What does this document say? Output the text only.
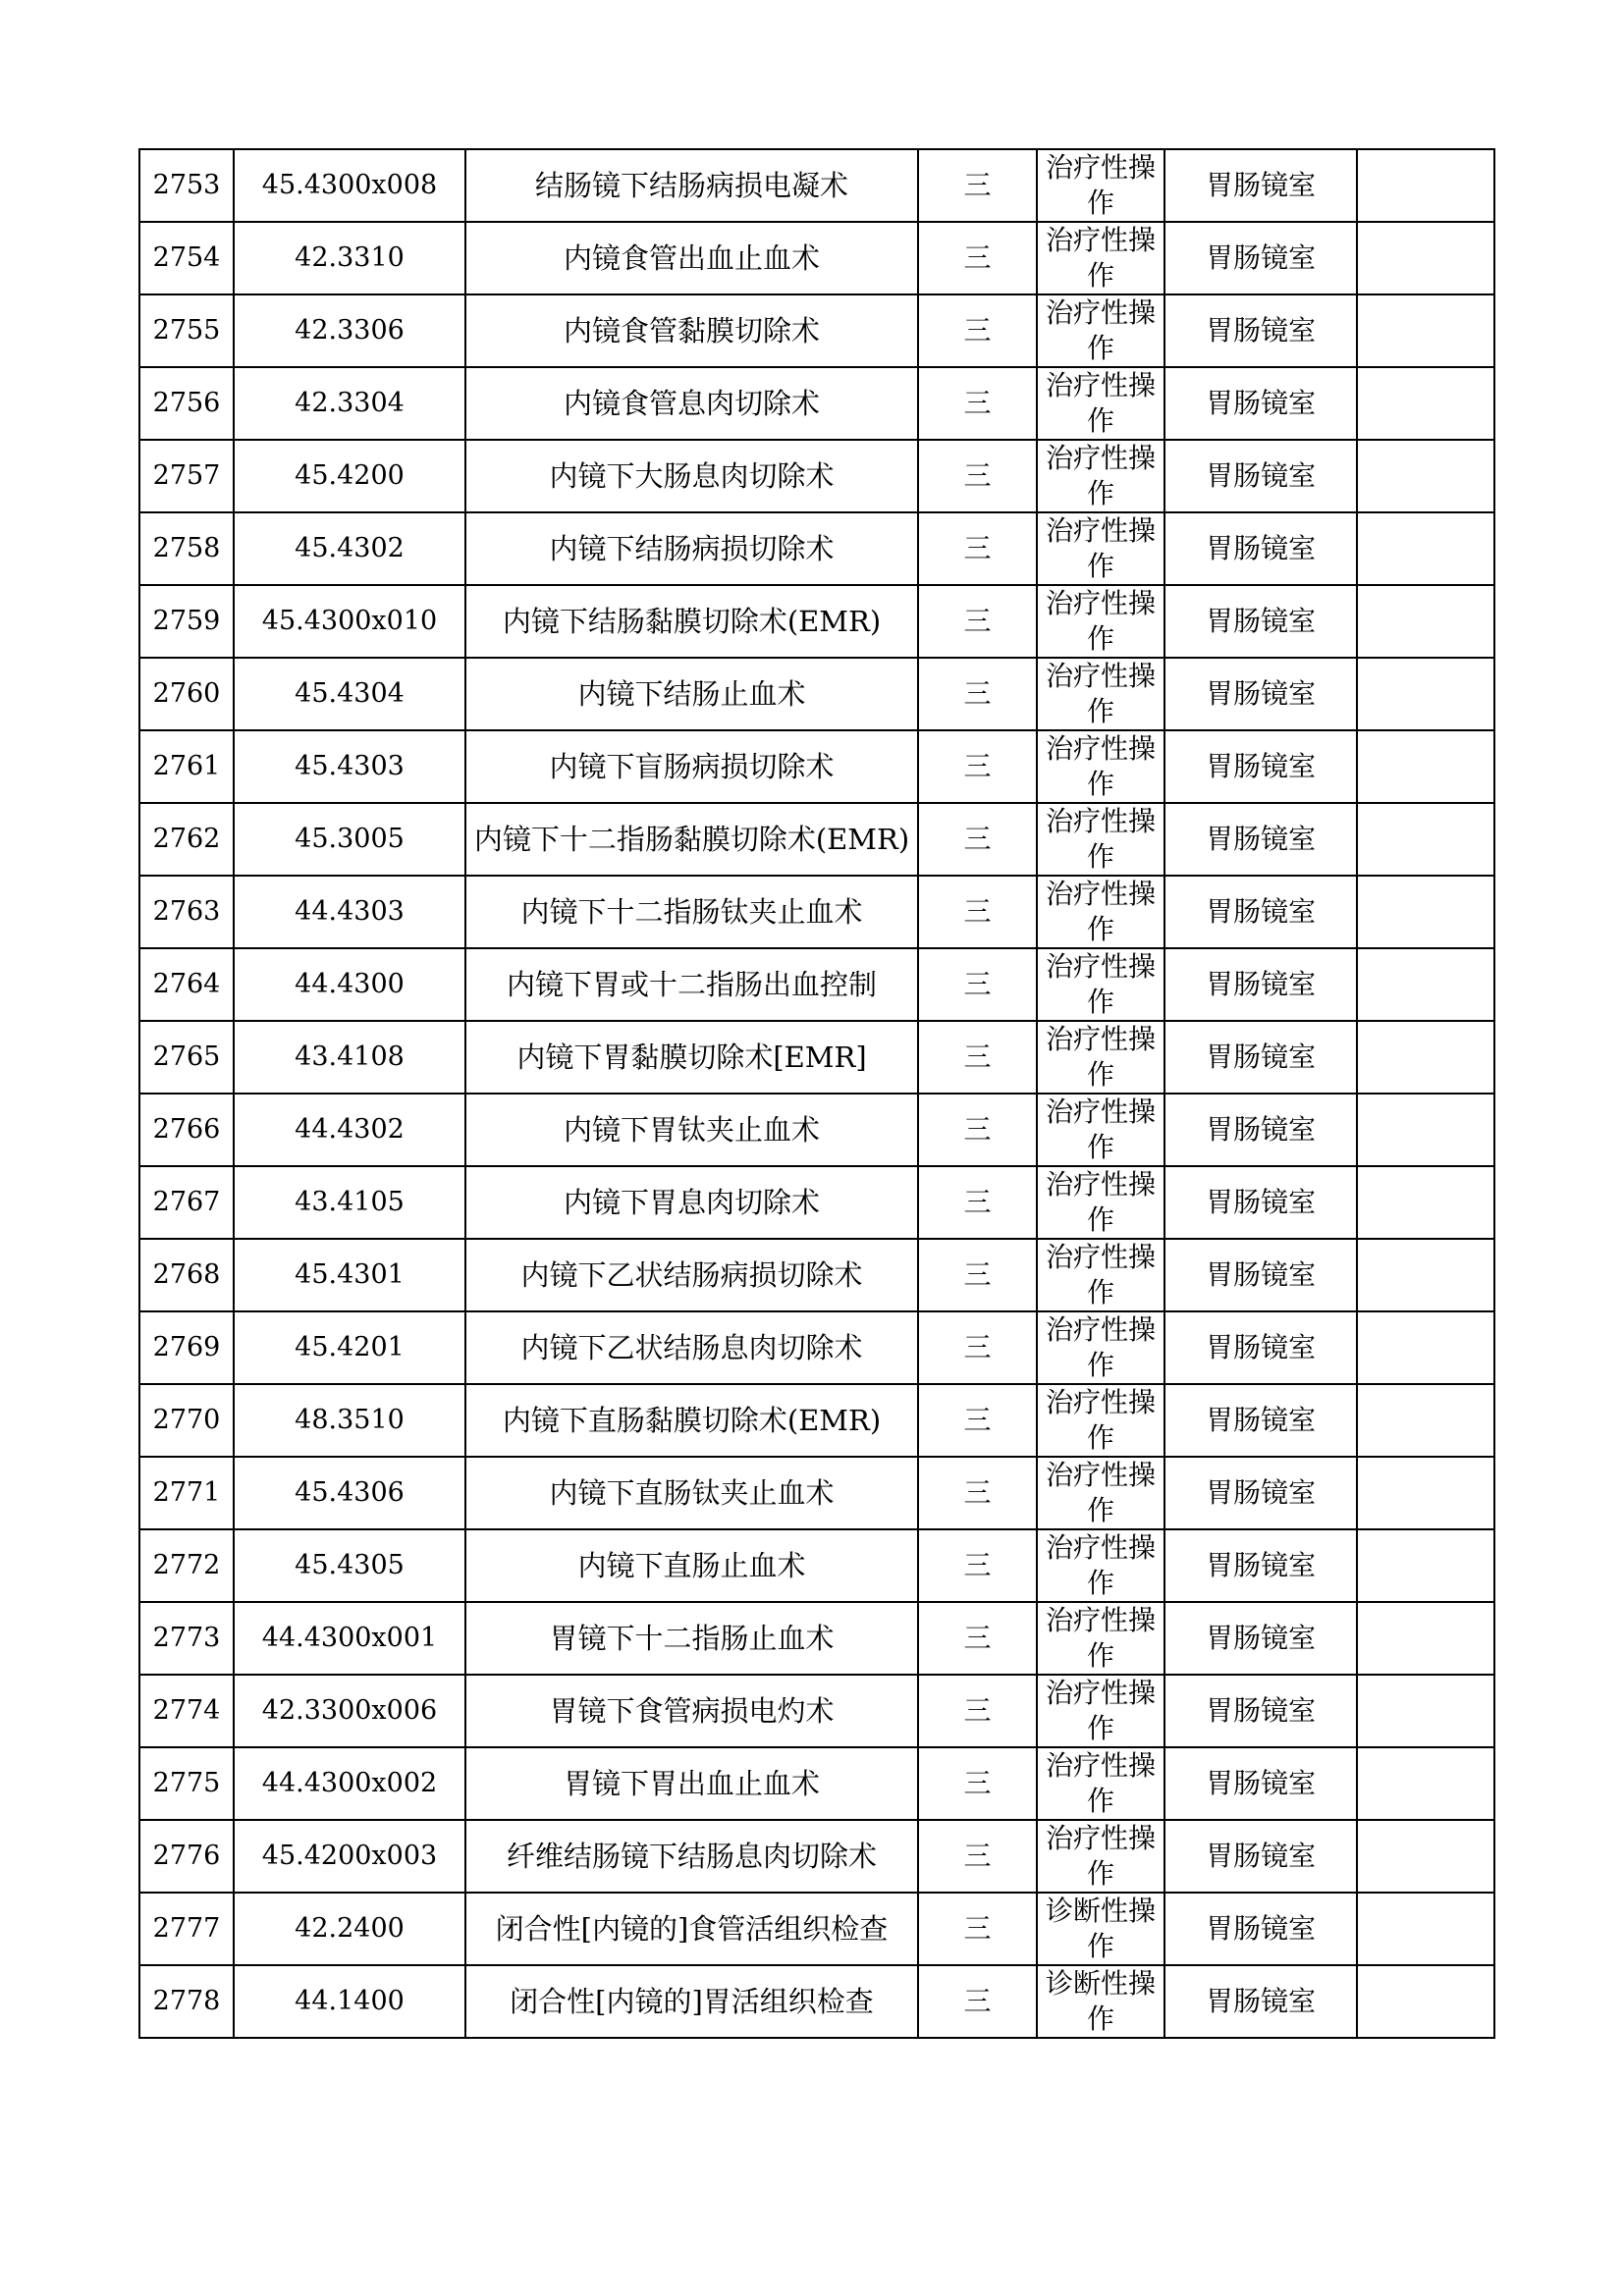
2753	45.4300x008	结肠镜下结肠病损电凝术	三	治疗性操作	胃肠镜室	
2754	42.3310	内镜食管出血止血术	三	治疗性操作	胃肠镜室	
2755	42.3306	内镜食管黏膜切除术	三	治疗性操作	胃肠镜室	
2756	42.3304	内镜食管息肉切除术	三	治疗性操作	胃肠镜室	
2757	45.4200	内镜下大肠息肉切除术	三	治疗性操作	胃肠镜室	
2758	45.4302	内镜下结肠病损切除术	三	治疗性操作	胃肠镜室	
2759	45.4300x010	内镜下结肠黏膜切除术(EMR)	三	治疗性操作	胃肠镜室	
2760	45.4304	内镜下结肠止血术	三	治疗性操作	胃肠镜室	
2761	45.4303	内镜下盲肠病损切除术	三	治疗性操作	胃肠镜室	
2762	45.3005	内镜下十二指肠黏膜切除术(EMR)	三	治疗性操作	胃肠镜室	
2763	44.4303	内镜下十二指肠钛夹止血术	三	治疗性操作	胃肠镜室	
2764	44.4300	内镜下胃或十二指肠出血控制	三	治疗性操作	胃肠镜室	
2765	43.4108	内镜下胃黏膜切除术[EMR]	三	治疗性操作	胃肠镜室	
2766	44.4302	内镜下胃钛夹止血术	三	治疗性操作	胃肠镜室	
2767	43.4105	内镜下胃息肉切除术	三	治疗性操作	胃肠镜室	
2768	45.4301	内镜下乙状结肠病损切除术	三	治疗性操作	胃肠镜室	
2769	45.4201	内镜下乙状结肠息肉切除术	三	治疗性操作	胃肠镜室	
2770	48.3510	内镜下直肠黏膜切除术(EMR)	三	治疗性操作	胃肠镜室	
2771	45.4306	内镜下直肠钛夹止血术	三	治疗性操作	胃肠镜室	
2772	45.4305	内镜下直肠止血术	三	治疗性操作	胃肠镜室	
2773	44.4300x001	胃镜下十二指肠止血术	三	治疗性操作	胃肠镜室	
2774	42.3300x006	胃镜下食管病损电灼术	三	治疗性操作	胃肠镜室	
2775	44.4300x002	胃镜下胃出血止血术	三	治疗性操作	胃肠镜室	
2776	45.4200x003	纤维结肠镜下结肠息肉切除术	三	治疗性操作	胃肠镜室	
2777	42.2400	闭合性[内镜的]食管活组织检查	三	诊断性操作	胃肠镜室	
2778	44.1400	闭合性[内镜的]胃活组织检查	三	诊断性操作	胃肠镜室	
